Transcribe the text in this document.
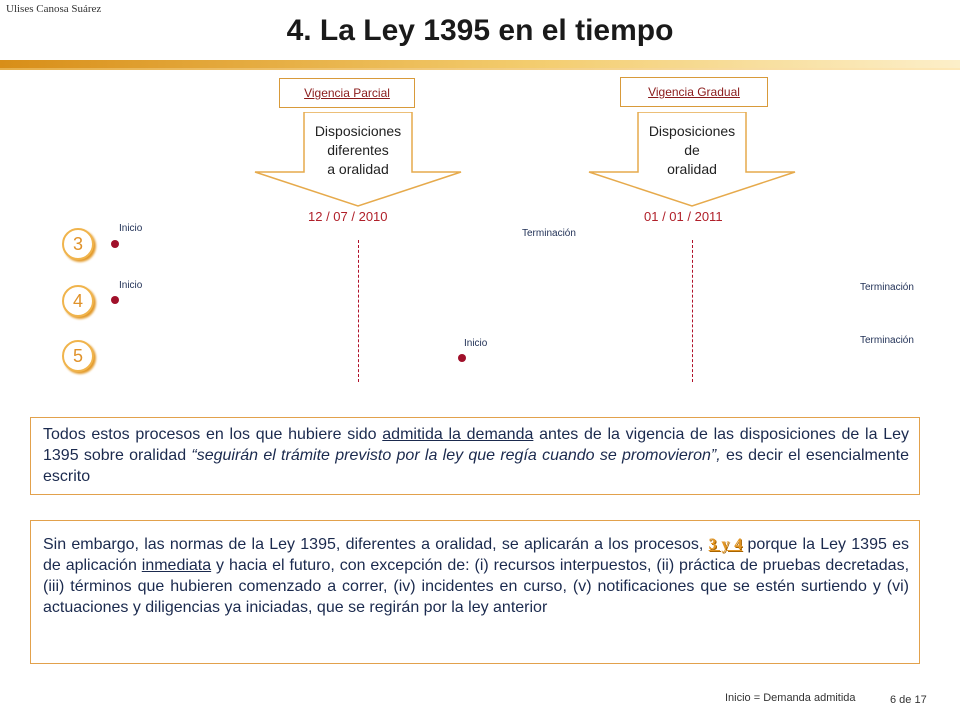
Ulises Canosa Suárez
4. La Ley 1395 en el tiempo
Vigencia Parcial
Disposiciones
diferentes
a oralidad
12 / 07 / 2010
Vigencia Gradual
Disposiciones
de
oralidad
01 / 01 / 2011
3
Inicio	Terminación
4
Inicio	Terminación
5
Inicio	Terminación
Todos estos procesos en los que hubiere sido admitida la demanda antes de la vigencia de las disposiciones de la Ley 1395 sobre oralidad “seguirán el trámite previsto por la ley que regía cuando se promovieron”, es decir el esencialmente escrito
Sin embargo, las normas de la Ley 1395, diferentes a oralidad, se aplicarán a los procesos, 3 y 4 porque la Ley 1395 es de aplicación inmediata y hacia el futuro, con excepción de: (i) recursos interpuestos, (ii) práctica de pruebas decretadas, (iii) términos que hubieren comenzado a correr, (iv) incidentes en curso, (v) notificaciones que se estén surtiendo y (vi) actuaciones y diligencias ya iniciadas, que se regirán por la ley anterior
Inicio = Demanda admitida	6 de 17
